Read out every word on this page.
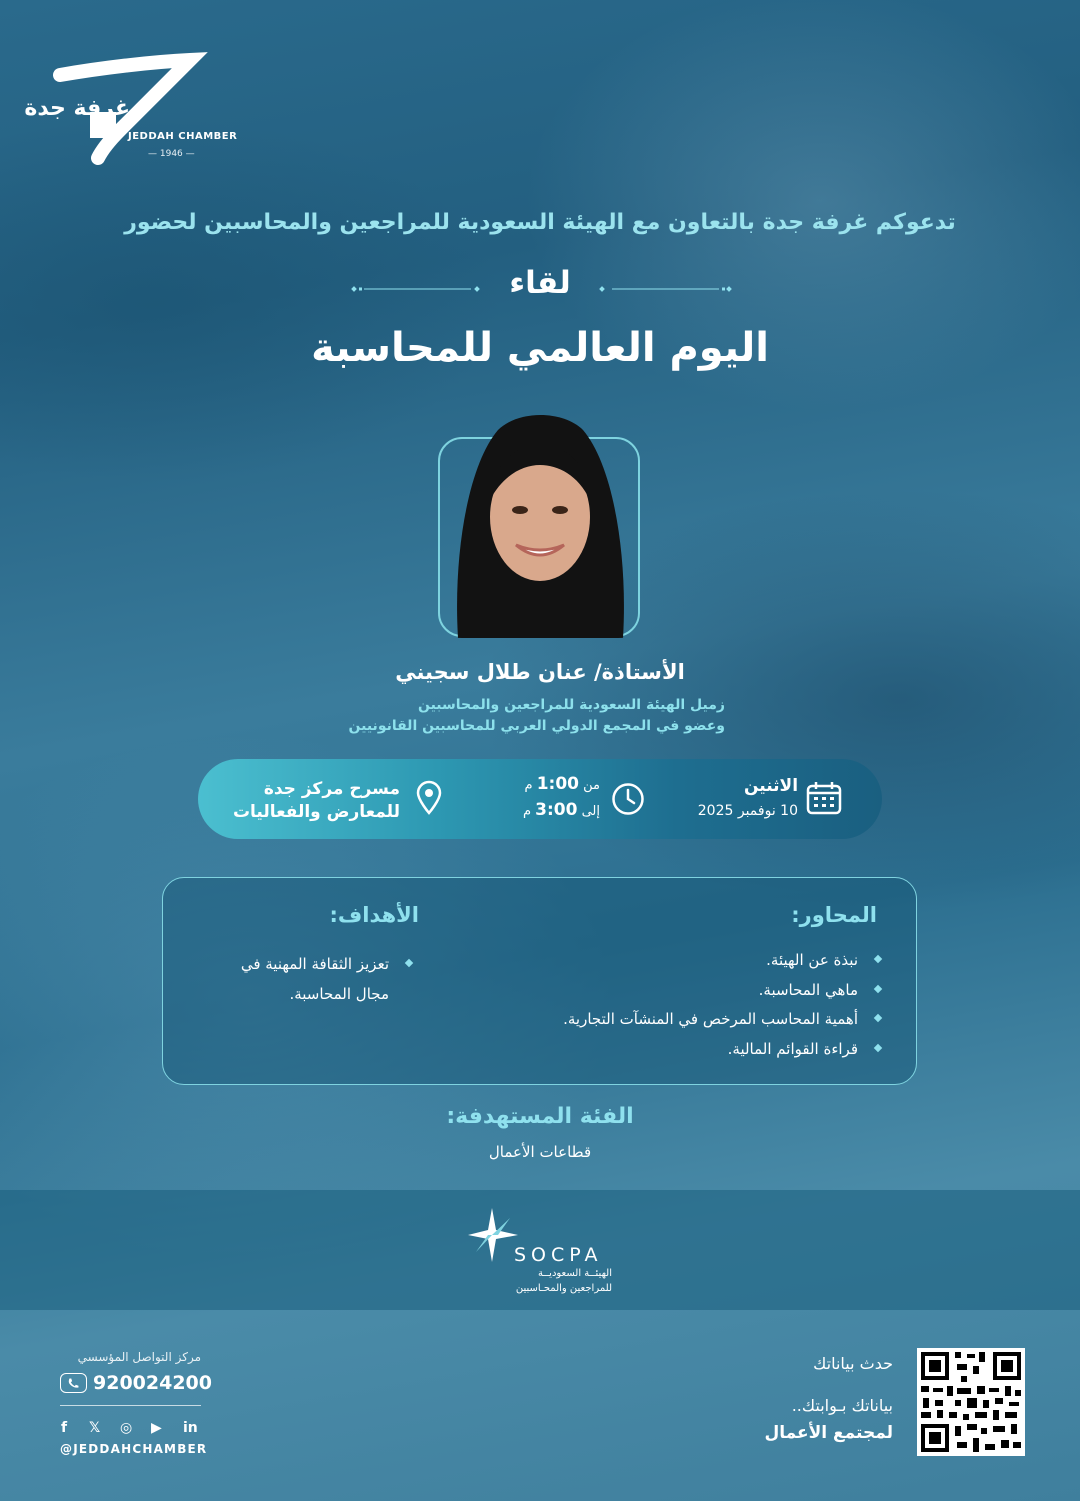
غرفة جدة
JEDDAH CHAMBER
— 1946 —
تدعوكم غرفة جدة بالتعاون مع الهيئة السعودية للمراجعين والمحاسبين لحضور
لقاء
اليوم العالمي للمحاسبة
الأستاذة/ عنان طلال سجيني
زميل الهيئة السعودية للمراجعين والمحاسبين
وعضو في المجمع الدولي العربي للمحاسبين القانونيين
الاثنين
10 نوفمبر 2025
من 1:00 م
إلى 3:00 م
مسرح مركز جدة
للمعارض والفعاليات
المحاور:
الأهداف:
نبذة عن الهيئة.
ماهي المحاسبة.
أهمية المحاسب المرخص في المنشآت التجارية.
قراءة القوائم المالية.
تعزيز الثقافة المهنية في
مجال المحاسبة.
الفئة المستهدفة:
قطاعات الأعمال
SOCPA
الهيئــة السعوديــة
للمراجعين والمحـاسبين
مركز التواصل المؤسسي
920024200
f 𝕏 ◎ ▶ in
@JEDDAHCHAMBER
حدث بياناتك
بياناتك بـوابتك..
لمجتمع الأعمال
